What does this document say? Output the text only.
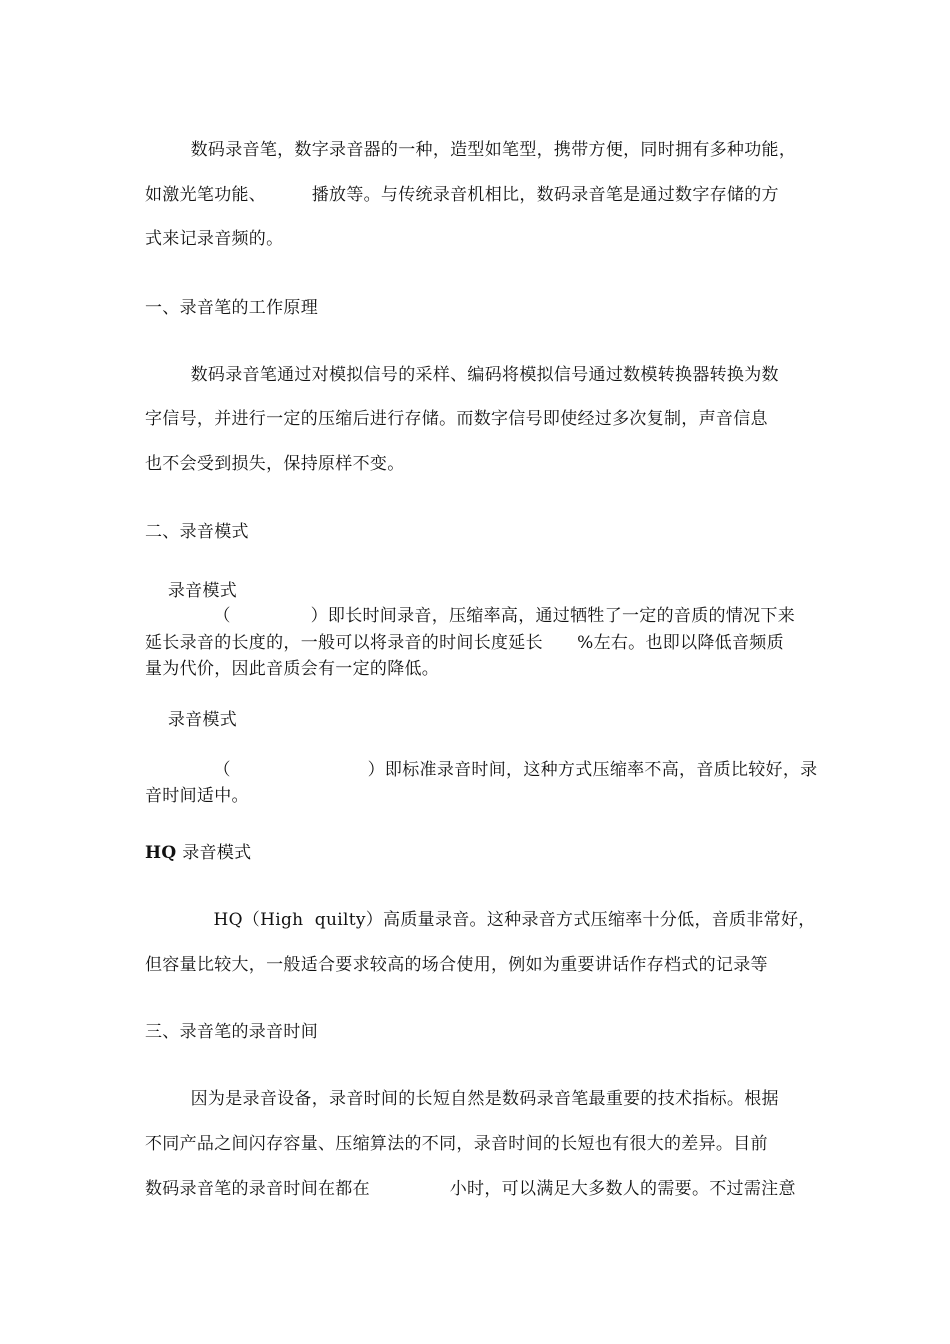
数码录音笔，数字录音器的一种，造型如笔型，携带方便，同时拥有多种功能，
如激光笔功能、        播放等。与传统录音机相比，数码录音笔是通过数字存储的方
式来记录音频的。
一、录音笔的工作原理
数码录音笔通过对模拟信号的采样、编码将模拟信号通过数模转换器转换为数
字信号，并进行一定的压缩后进行存储。而数字信号即使经过多次复制，声音信息
也不会受到损失，保持原样不变。
二、录音模式
录音模式
（              ）即长时间录音，压缩率高，通过牺牲了一定的音质的情况下来
延长录音的长度的，一般可以将录音的时间长度延长      %左右。也即以降低音频质
量为代价，因此音质会有一定的降低。
录音模式
（                        ）即标准录音时间，这种方式压缩率不高，音质比较好，录
音时间适中。
HQ 录音模式
HQ（High  quilty）高质量录音。这种录音方式压缩率十分低，音质非常好，
但容量比较大，一般适合要求较高的场合使用，例如为重要讲话作存档式的记录等
三、录音笔的录音时间
因为是录音设备，录音时间的长短自然是数码录音笔最重要的技术指标。根据
不同产品之间闪存容量、压缩算法的不同，录音时间的长短也有很大的差异。目前
数码录音笔的录音时间在都在              小时，可以满足大多数人的需要。不过需注意
